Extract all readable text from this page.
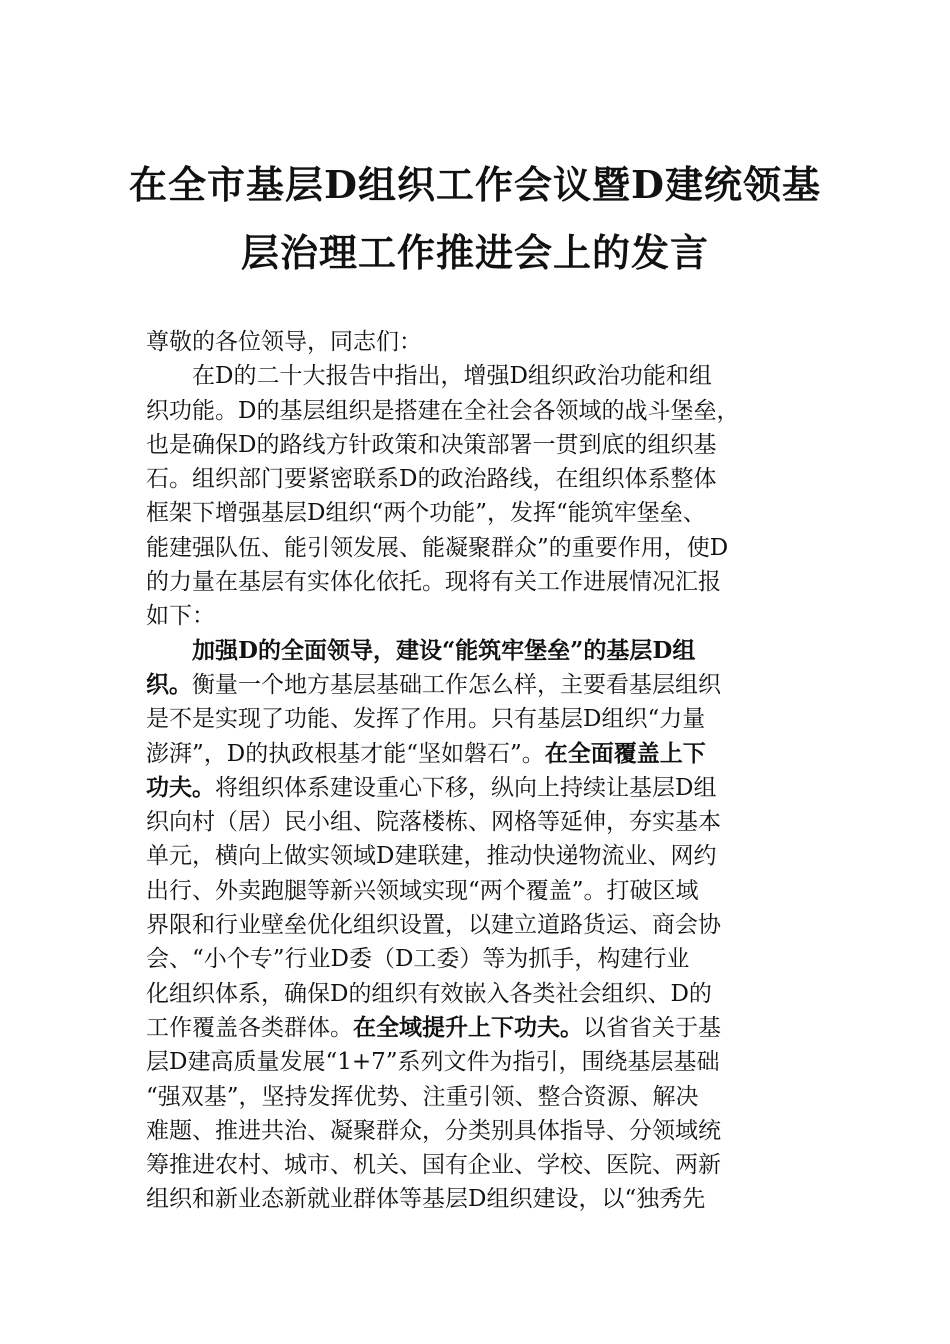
在全市基层D组织工作会议暨D建统领基
层治理工作推进会上的发言
尊敬的各位领导，同志们：
在D的二十大报告中指出，增强D组织政治功能和组
织功能。D的基层组织是搭建在全社会各领域的战斗堡垒，
也是确保D的路线方针政策和决策部署一贯到底的组织基
石。组织部门要紧密联系D的政治路线，在组织体系整体
框架下增强基层D组织“两个功能”，发挥“能筑牢堡垒、
能建强队伍、能引领发展、能凝聚群众”的重要作用，使D
的力量在基层有实体化依托。现将有关工作进展情况汇报
如下：
加强D的全面领导，建设“能筑牢堡垒”的基层D组
织。衡量一个地方基层基础工作怎么样，主要看基层组织
是不是实现了功能、发挥了作用。只有基层D组织“力量
澎湃”，D的执政根基才能“坚如磐石”。在全面覆盖上下
功夫。将组织体系建设重心下移，纵向上持续让基层D组
织向村（居）民小组、院落楼栋、网格等延伸，夯实基本
单元，横向上做实领域D建联建，推动快递物流业、网约
出行、外卖跑腿等新兴领域实现“两个覆盖”。打破区域
界限和行业壁垒优化组织设置，以建立道路货运、商会协
会、“小个专”行业D委（D工委）等为抓手，构建行业
化组织体系，确保D的组织有效嵌入各类社会组织、D的
工作覆盖各类群体。在全域提升上下功夫。以省省关于基
层D建高质量发展“1+7”系列文件为指引，围绕基层基础
“强双基”，坚持发挥优势、注重引领、整合资源、解决
难题、推进共治、凝聚群众，分类别具体指导、分领域统
筹推进农村、城市、机关、国有企业、学校、医院、两新
组织和新业态新就业群体等基层D组织建设，以“独秀先
